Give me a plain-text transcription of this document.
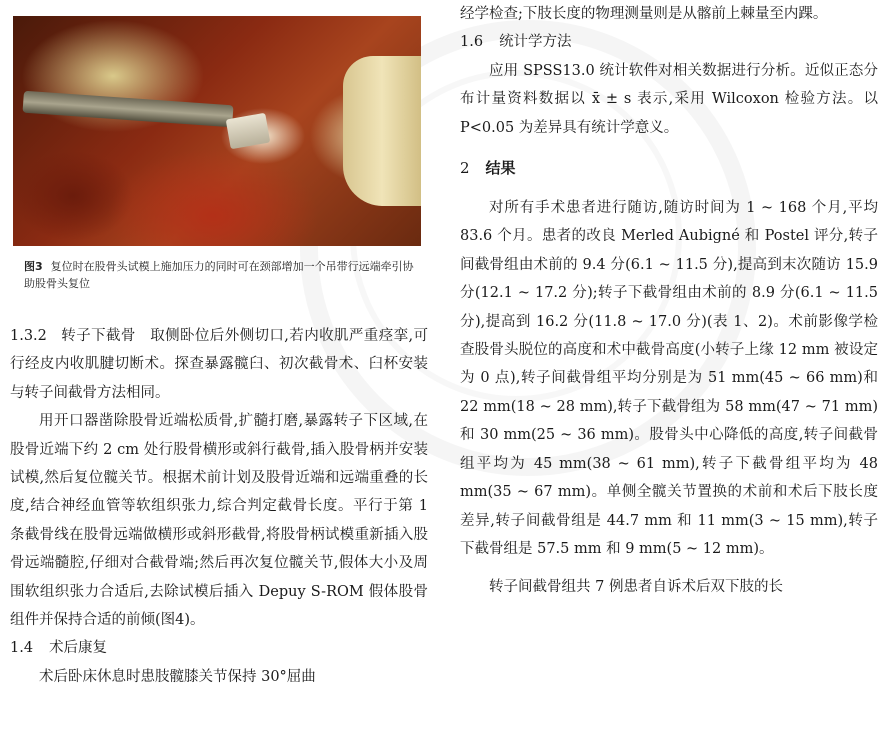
图3 复位时在股骨头试模上施加压力的同时可在颈部增加一个吊带行远端牵引协助股骨头复位

1.3.2 转子下截骨 取侧卧位后外侧切口,若内收肌严重痉挛,可行经皮内收肌腱切断术。探查暴露髋臼、初次截骨术、臼杯安装与转子间截骨方法相同。

用开口器凿除股骨近端松质骨,扩髓打磨,暴露转子下区域,在股骨近端下约 2 cm 处行股骨横形或斜行截骨,插入股骨柄并安装试模,然后复位髋关节。根据术前计划及股骨近端和远端重叠的长度,结合神经血管等软组织张力,综合判定截骨长度。平行于第 1 条截骨线在股骨远端做横形或斜形截骨,将股骨柄试模重新插入股骨远端髓腔,仔细对合截骨端;然后再次复位髋关节,假体大小及周围软组织张力合适后,去除试模后插入 Depuy S-ROM 假体股骨组件并保持合适的前倾(图4)。

1.4 术后康复

术后卧床休息时患肢髋膝关节保持 30°屈曲

经学检查;下肢长度的物理测量则是从髂前上棘量至内踝。

1.6 统计学方法

应用 SPSS13.0 统计软件对相关数据进行分析。近似正态分布计量资料数据以 x̄ ± s 表示,采用 Wilcoxon 检验方法。以 P<0.05 为差异具有统计学意义。

2 结果

对所有手术患者进行随访,随访时间为 1 ~ 168 个月,平均 83.6 个月。患者的改良 Merled Aubigné 和 Postel 评分,转子间截骨组由术前的 9.4 分(6.1 ~ 11.5 分),提高到末次随访 15.9 分(12.1 ~ 17.2 分);转子下截骨组由术前的 8.9 分(6.1 ~ 11.5 分),提高到 16.2 分(11.8 ~ 17.0 分)(表 1、2)。术前影像学检查股骨头脱位的高度和术中截骨高度(小转子上缘 12 mm 被设定为 0 点),转子间截骨组平均分别是为 51 mm(45 ~ 66 mm)和 22 mm(18 ~ 28 mm),转子下截骨组为 58 mm(47 ~ 71 mm)和 30 mm(25 ~ 36 mm)。股骨头中心降低的高度,转子间截骨组平均为 45 mm(38 ~ 61 mm),转子下截骨组平均为 48 mm(35 ~ 67 mm)。单侧全髋关节置换的术前和术后下肢长度差异,转子间截骨组是 44.7 mm 和 11 mm(3 ~ 15 mm),转子下截骨组是 57.5 mm 和 9 mm(5 ~ 12 mm)。

转子间截骨组共 7 例患者自诉术后双下肢的长
